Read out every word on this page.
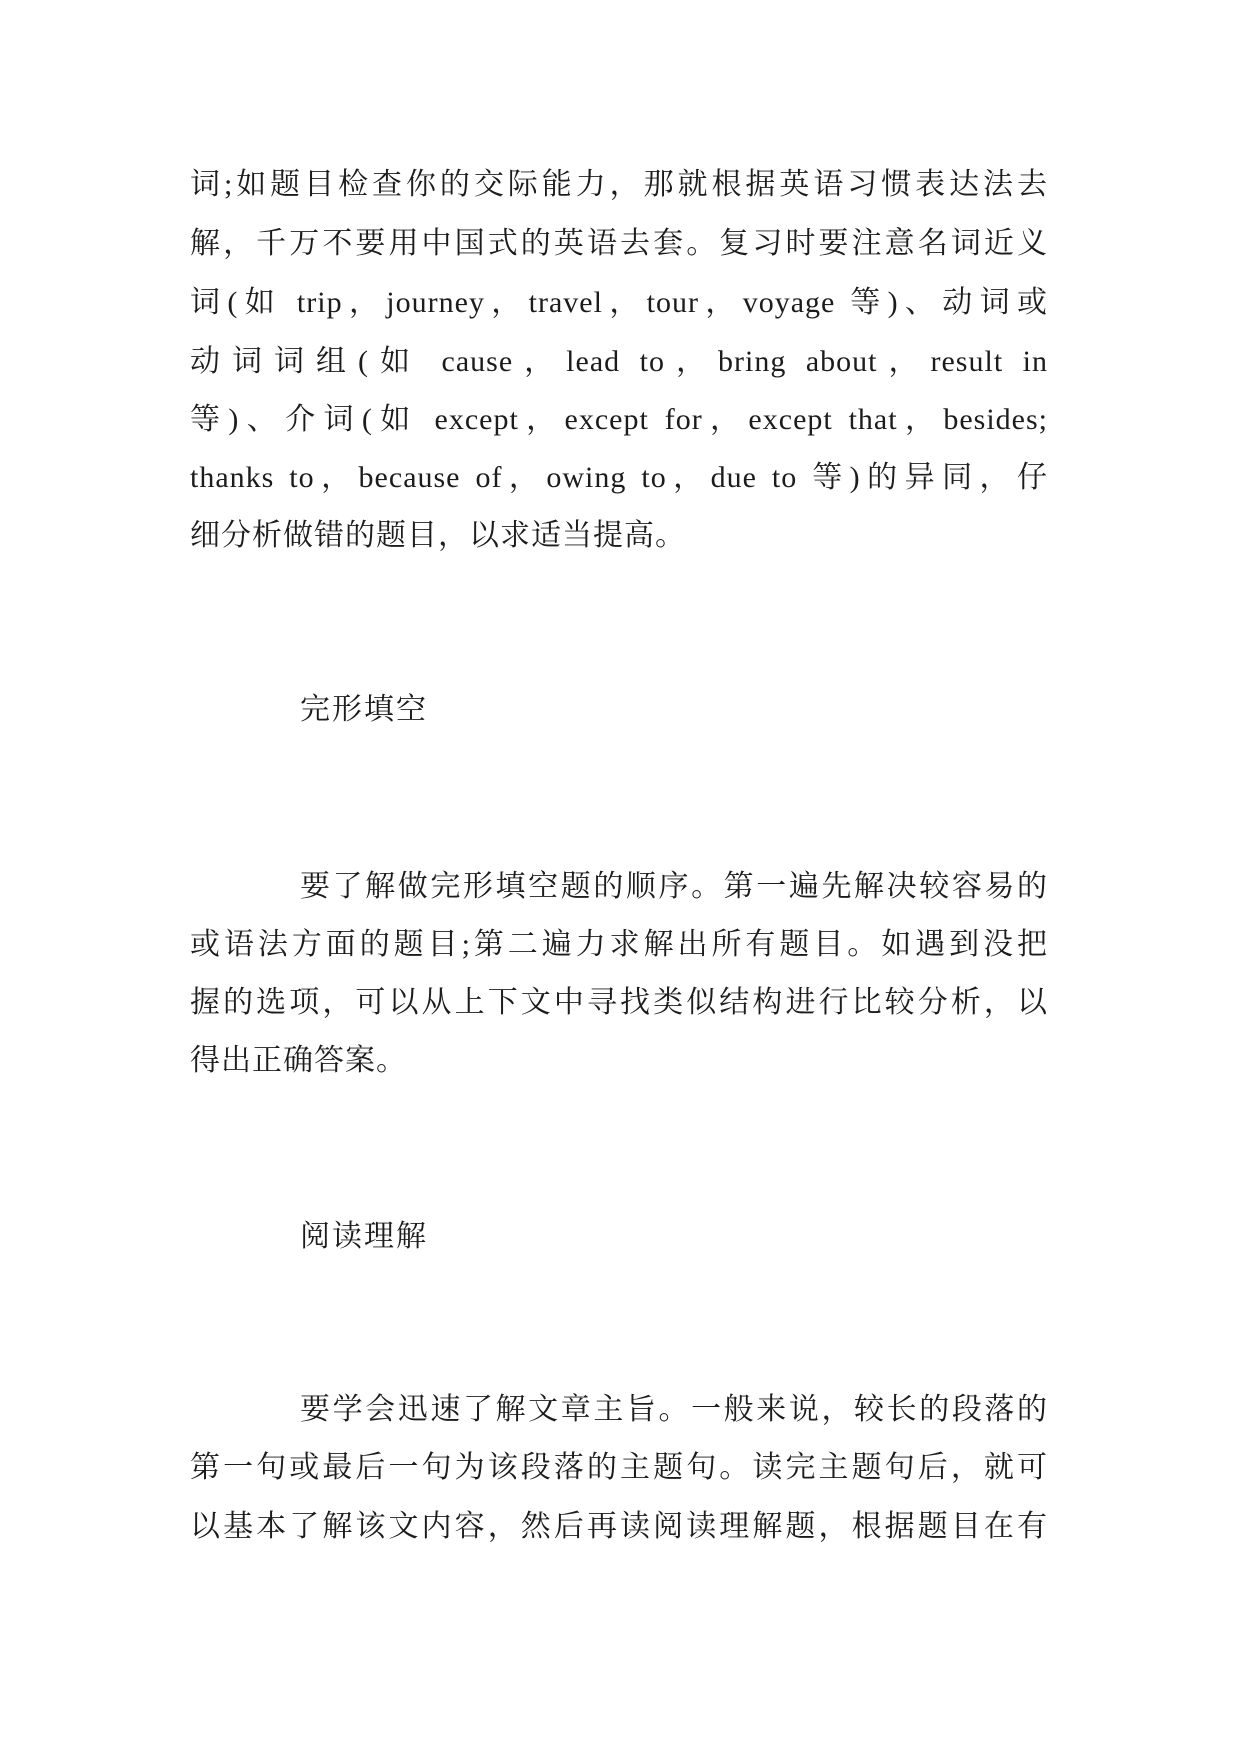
词;如题目检查你的交际能力，那就根据英语习惯表达法去
解，千万不要用中国式的英语去套。复习时要注意名词近义
词(如 trip，journey，travel，tour，voyage 等)、动词或
动词词组(如 cause，lead to，bring about，result in
等)、介词(如 except，except for，except that，besides;
thanks to，because of，owing to，due to 等)的异同，仔
细分析做错的题目，以求适当提高。
完形填空
要了解做完形填空题的顺序。第一遍先解决较容易的
或语法方面的题目;第二遍力求解出所有题目。如遇到没把
握的选项，可以从上下文中寻找类似结构进行比较分析，以
得出正确答案。
阅读理解
要学会迅速了解文章主旨。一般来说，较长的段落的
第一句或最后一句为该段落的主题句。读完主题句后，就可
以基本了解该文内容，然后再读阅读理解题，根据题目在有
